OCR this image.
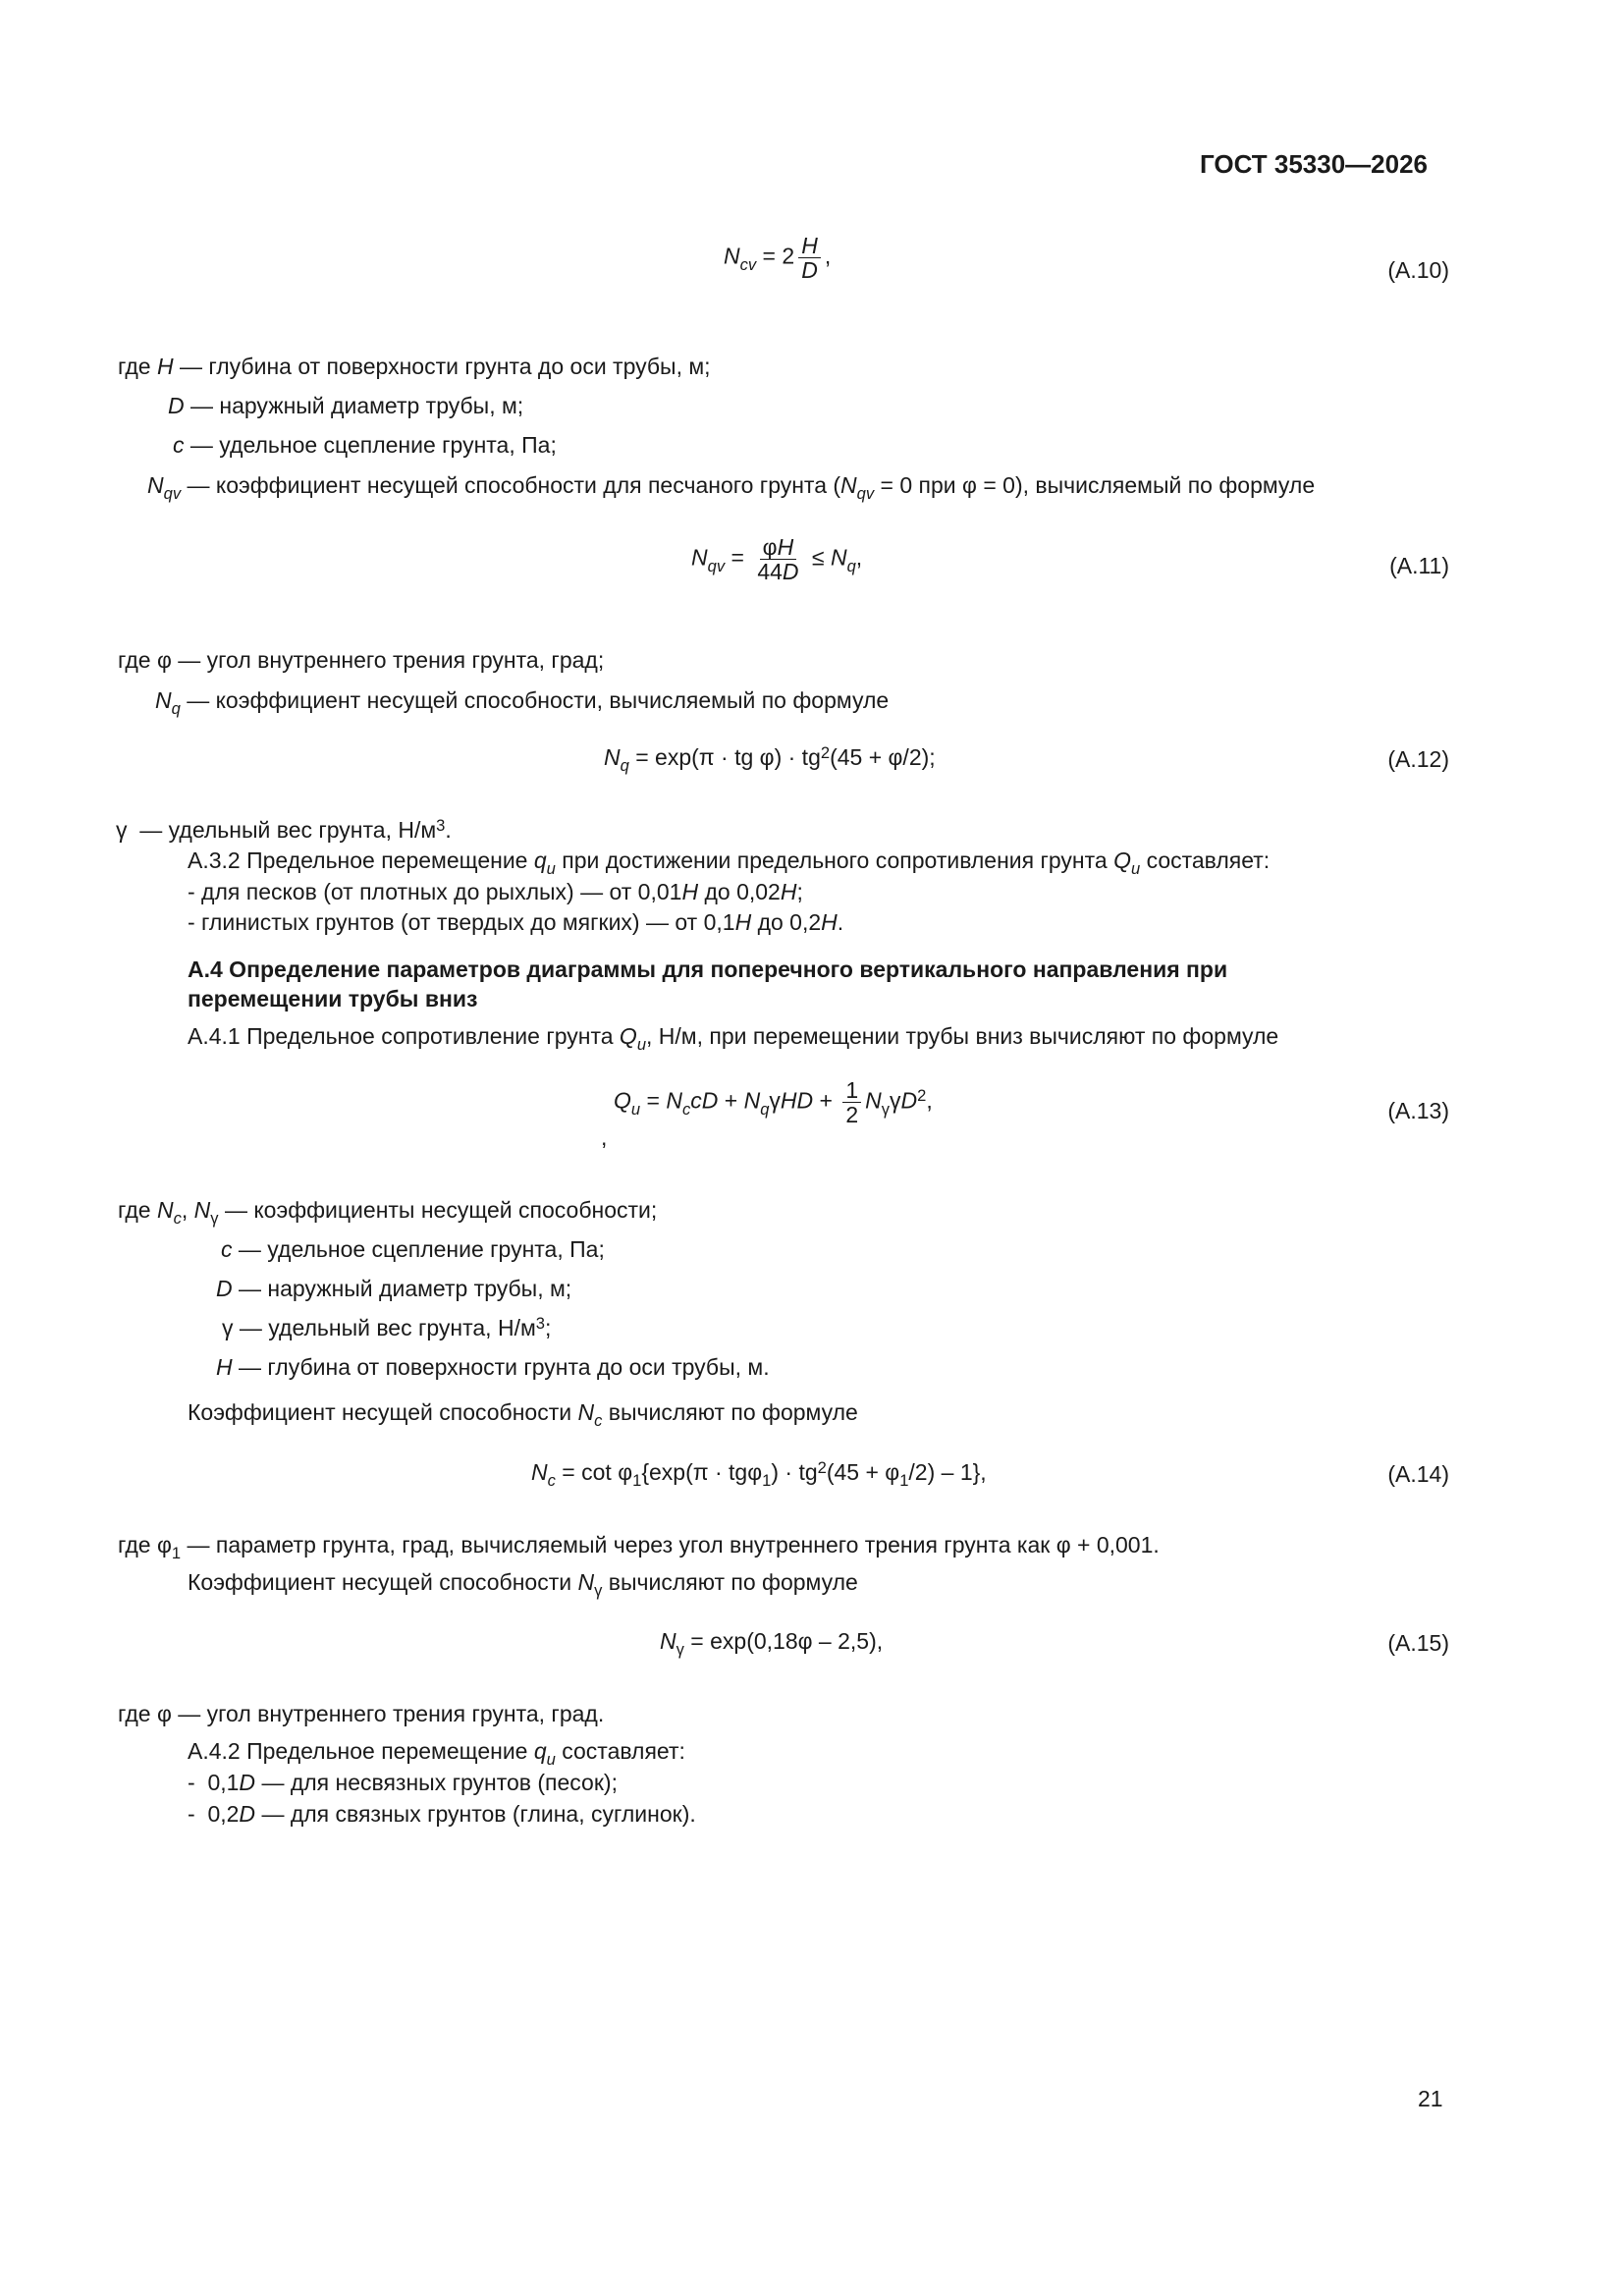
ГОСТ 35330—2026
$N_{cv} = 2 \frac{H}{D}$ ,
(А.10)
где H — глубина от поверхности грунта до оси трубы, м;
D — наружный диаметр трубы, м;
c — удельное сцепление грунта, Па;
$N_{qv}$ — коэффициент несущей способности для песчаного грунта ($N_{qv} = 0$ при φ = 0), вычисляемый по формуле
$N_{qv} = \frac{\varphi H}{44D} \le N_q$,	(А.11)
где φ — угол внутреннего трения грунта, град;
$N_q$ — коэффициент несущей способности, вычисляемый по формуле
$N_q = \exp(\pi$ · tg $\varphi) \cdot tg^2(45 + \varphi/2)$;	(А.12)
γ  — удельный вес грунта, $Н/м^3$.
А.3.2 Предельное перемещение $q_u$ при достижении предельного сопротивления грунта $Q_u$ составляет:
- для песков (от плотных до рыхлых) — от 0,01H до 0,02H;
- глинистых грунтов (от твердых до мягких) — от 0,1H до 0,2H.
А.4 Определение параметров диаграммы для поперечного вертикального направления при
перемещении трубы вниз
А.4.1 Предельное сопротивление грунта $Q_u$, Н/м, при перемещении трубы вниз вычисляют по формуле
$Q_u = N_ccD + N_q\gamma HD + \frac{1}{2} N_\gamma\gamma D^2$,
,
(А.13)
где $N_c$, $N_\gamma$ — коэффициенты несущей способности;
c — удельное сцепление грунта, Па;
D — наружный диаметр трубы, м;
γ — удельный вес грунта, $Н/м^3$;
H — глубина от поверхности грунта до оси трубы, м.
Коэффициент несущей способности $N_c$ вычисляют по формуле
$N_c = \cot \varphi_1\{\exp(\pi \cdot tg\varphi_1) \cdot tg^2(45 + \varphi_1/2) - 1\}$,	(А.14)
где $\varphi_1$ — параметр грунта, град, вычисляемый через угол внутреннего трения грунта как φ + 0,001.
Коэффициент несущей способности $N_\gamma$ вычисляют по формуле
$N_\gamma = \exp(0,18\varphi - 2,5)$,	(А.15)
где φ — угол внутреннего трения грунта, град.
А.4.2 Предельное перемещение $q_u$ составляет:
-  0,1D — для несвязных грунтов (песок);
-  0,2D — для связных грунтов (глина, суглинок).
21
